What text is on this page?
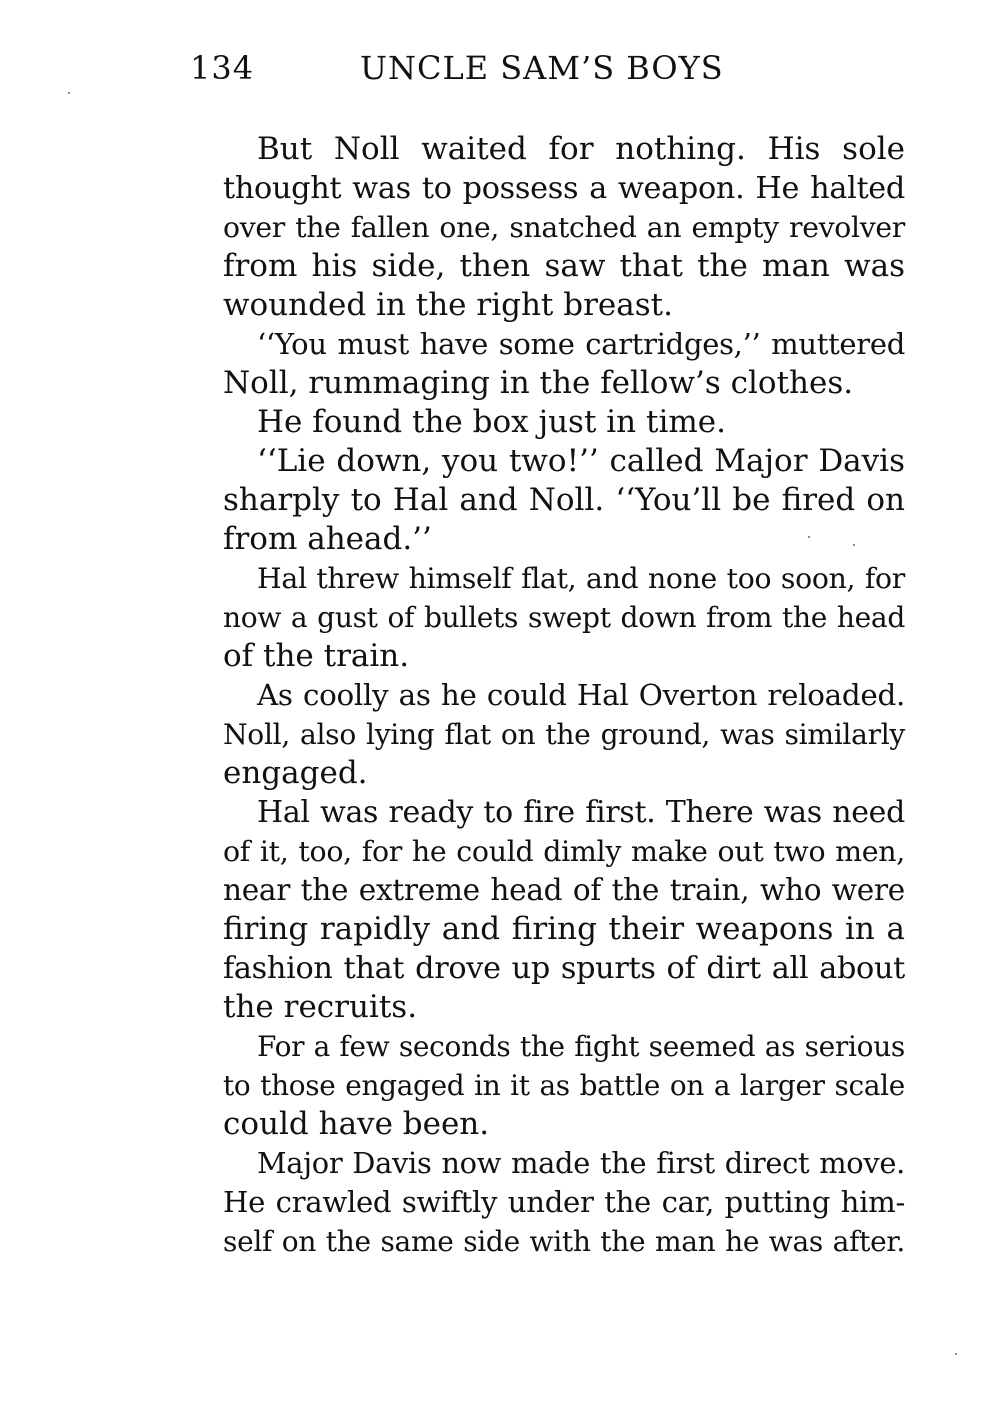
134	UNCLE SAM’S BOYS
But Noll waited for nothing. His sole
thought was to possess a weapon. He halted
over the fallen one, snatched an empty revolver
from his side, then saw that the man was
wounded in the right breast.
‘‘You must have some cartridges,’’ muttered
Noll, rummaging in the fellow’s clothes.
He found the box just in time.
‘‘Lie down, you two!’’ called Major Davis
sharply to Hal and Noll. ‘‘You’ll be fired on
from ahead.’’
Hal threw himself flat, and none too soon, for
now a gust of bullets swept down from the head
of the train.
As coolly as he could Hal Overton reloaded.
Noll, also lying flat on the ground, was similarly
engaged.
Hal was ready to fire first. There was need
of it, too, for he could dimly make out two men,
near the extreme head of the train, who were
firing rapidly and firing their weapons in a
fashion that drove up spurts of dirt all about
the recruits.
For a few seconds the fight seemed as serious
to those engaged in it as battle on a larger scale
could have been.
Major Davis now made the first direct move.
He crawled swiftly under the car, putting him-
self on the same side with the man he was after.
